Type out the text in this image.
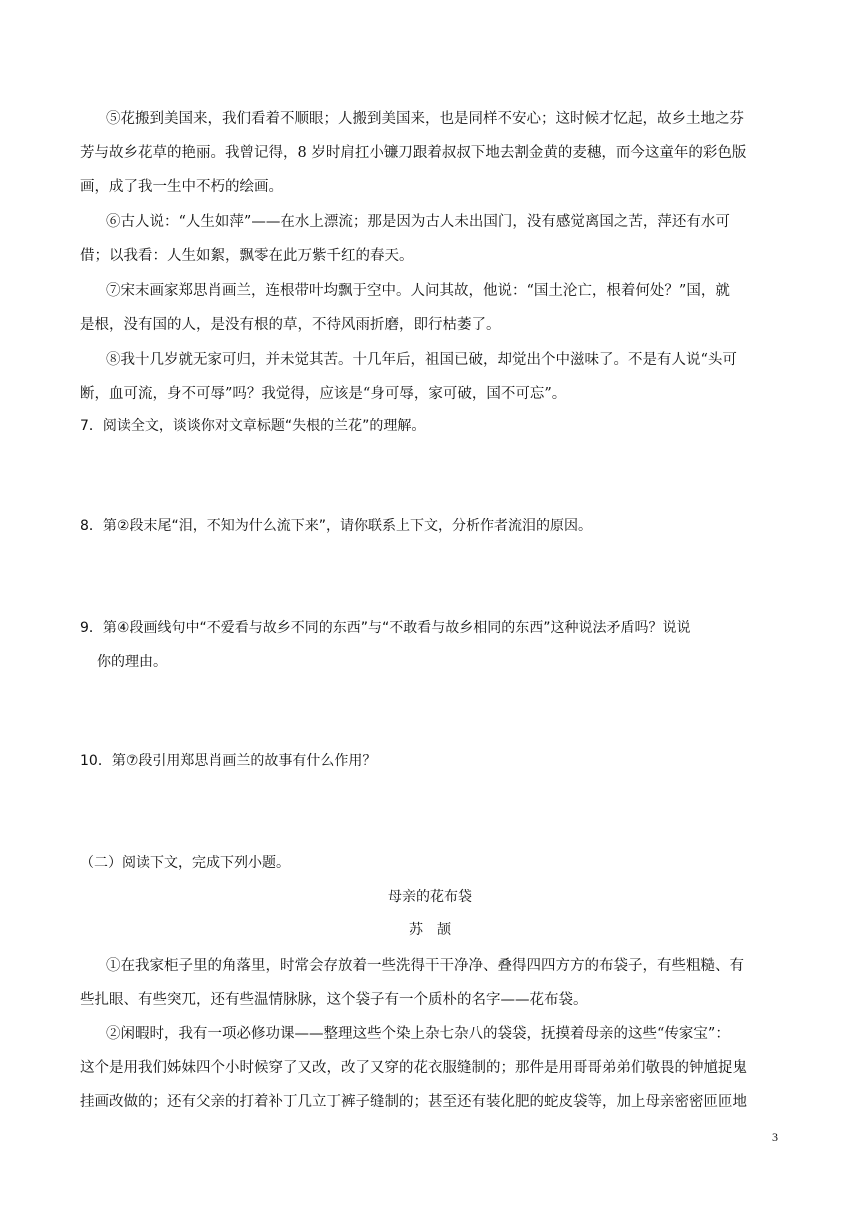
⑤花搬到美国来，我们看着不顺眼；人搬到美国来，也是同样不安心；这时候才忆起，故乡土地之芬
芳与故乡花草的艳丽。我曾记得，8 岁时肩扛小镰刀跟着叔叔下地去割金黄的麦穗，而今这童年的彩色版
画，成了我一生中不朽的绘画。
⑥古人说：“人生如萍”——在水上漂流；那是因为古人未出国门，没有感觉离国之苦，萍还有水可
借；以我看：人生如絮，飘零在此万紫千红的春天。
⑦宋末画家郑思肖画兰，连根带叶均飘于空中。人问其故，他说：“国土沦亡，根着何处？”国，就
是根，没有国的人，是没有根的草，不待风雨折磨，即行枯萎了。
⑧我十几岁就无家可归，并未觉其苦。十几年后，祖国已破，却觉出个中滋味了。不是有人说“头可
断，血可流，身不可辱”吗？我觉得，应该是“身可辱，家可破，国不可忘”。
7．阅读全文，谈谈你对文章标题“失根的兰花”的理解。
8．第②段末尾“泪，不知为什么流下来”，请你联系上下文，分析作者流泪的原因。
9．第④段画线句中“不爱看与故乡不同的东西”与“不敢看与故乡相同的东西”这种说法矛盾吗？说说
你的理由。
10．第⑦段引用郑思肖画兰的故事有什么作用？
（二）阅读下文，完成下列小题。
母亲的花布袋
苏　颉
①在我家柜子里的角落里，时常会存放着一些洗得干干净净、叠得四四方方的布袋子，有些粗糙、有
些扎眼、有些突兀，还有些温情脉脉，这个袋子有一个质朴的名字——花布袋。
②闲暇时，我有一项必修功课——整理这些个染上杂七杂八的袋袋，抚摸着母亲的这些“传家宝”：
这个是用我们姊妹四个小时候穿了又改，改了又穿的花衣服缝制的；那件是用哥哥弟弟们敬畏的钟馗捉鬼
挂画改做的；还有父亲的打着补丁几立丁裤子缝制的；甚至还有装化肥的蛇皮袋等，加上母亲密密匝匝地
3
